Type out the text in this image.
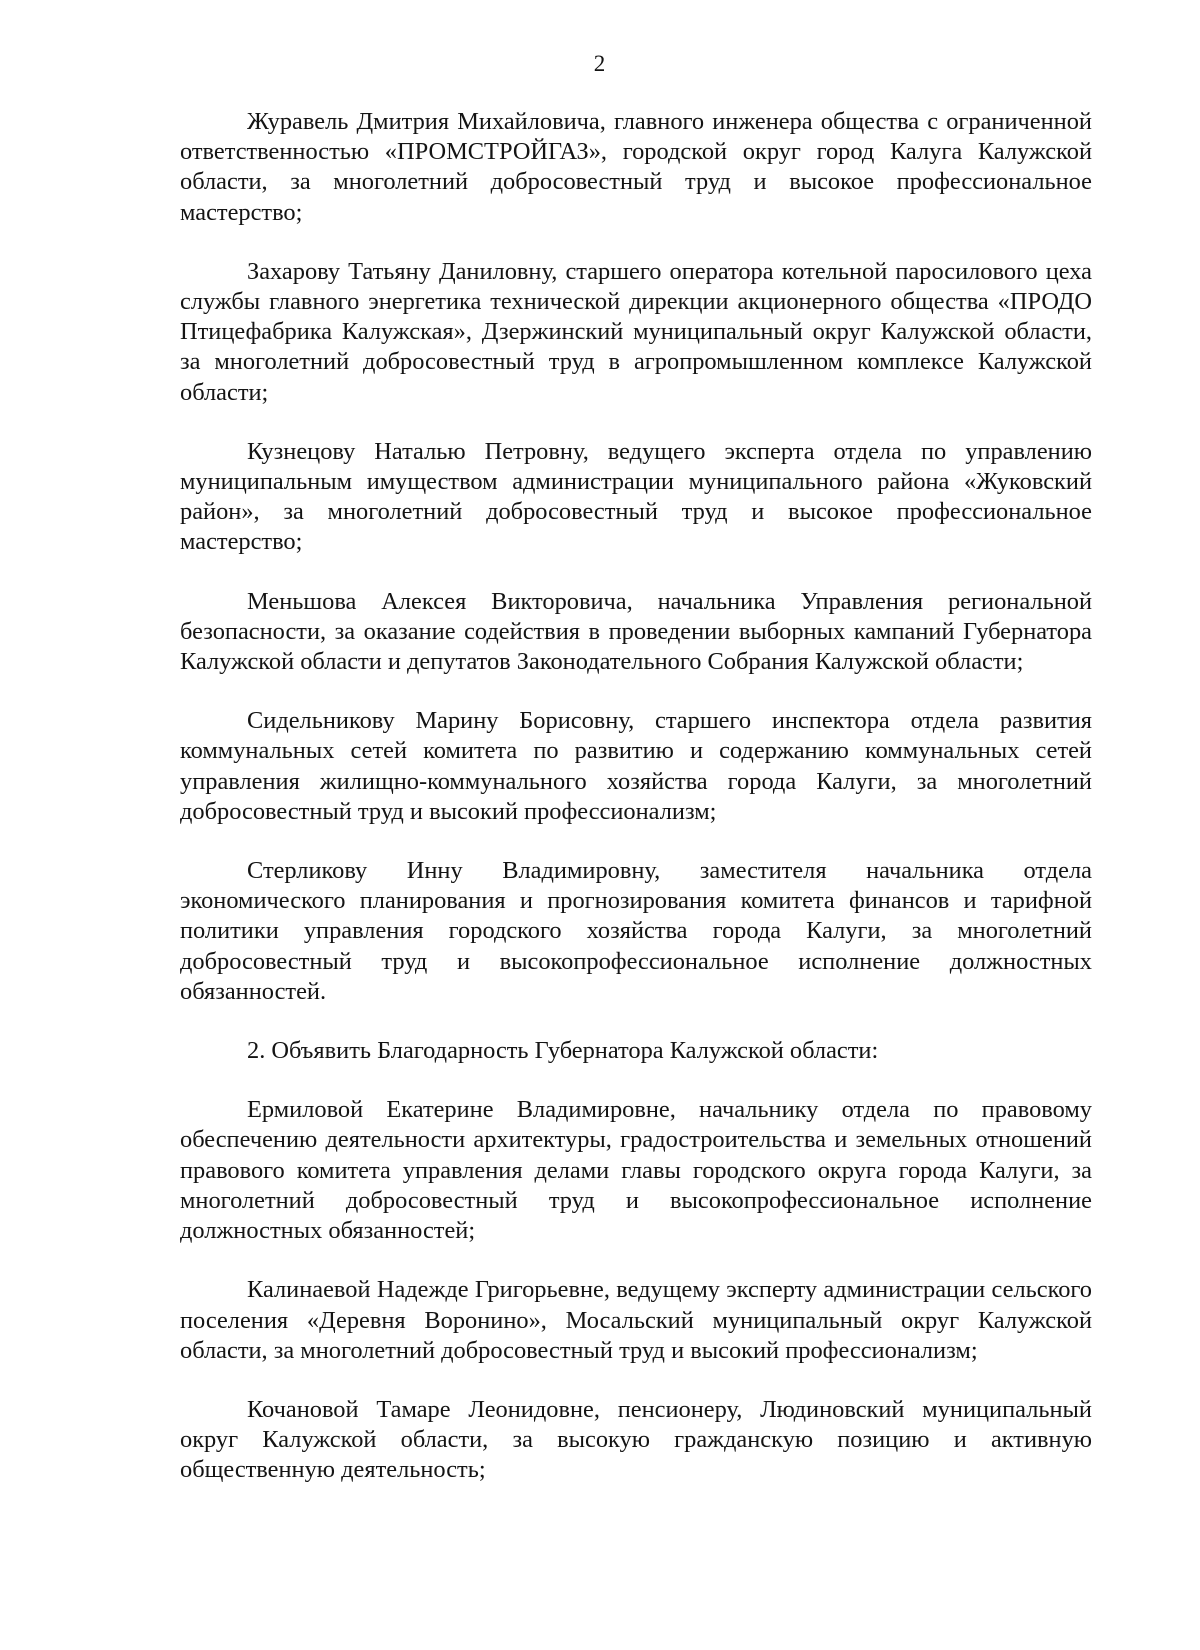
2

Журавель Дмитрия Михайловича, главного инженера общества с ограниченной ответственностью «ПРОМСТРОЙГАЗ», городской округ город Калуга Калужской области, за многолетний добросовестный труд и высокое профессиональное мастерство;

Захарову Татьяну Даниловну, старшего оператора котельной паросилового цеха службы главного энергетика технической дирекции акционерного общества «ПРОДО Птицефабрика Калужская», Дзержинский муниципальный округ Калужской области, за многолетний добросовестный труд в агропромышленном комплексе Калужской области;

Кузнецову Наталью Петровну, ведущего эксперта отдела по управлению муниципальным имуществом администрации муниципального района «Жуковский район», за многолетний добросовестный труд и высокое профессиональное мастерство;

Меньшова Алексея Викторовича, начальника Управления региональной безопасности, за оказание содействия в проведении выборных кампаний Губернатора Калужской области и депутатов Законодательного Собрания Калужской области;

Сидельникову Марину Борисовну, старшего инспектора отдела развития коммунальных сетей комитета по развитию и содержанию коммунальных сетей управления жилищно-коммунального хозяйства города Калуги, за многолетний добросовестный труд и высокий профессионализм;

Стерликову Инну Владимировну, заместителя начальника отдела экономического планирования и прогнозирования комитета финансов и тарифной политики управления городского хозяйства города Калуги, за многолетний добросовестный труд и высокопрофессиональное исполнение должностных обязанностей.

2. Объявить Благодарность Губернатора Калужской области:

Ермиловой Екатерине Владимировне, начальнику отдела по правовому обеспечению деятельности архитектуры, градостроительства и земельных отношений правового комитета управления делами главы городского округа города Калуги, за многолетний добросовестный труд и высокопрофессиональное исполнение должностных обязанностей;

Калинаевой Надежде Григорьевне, ведущему эксперту администрации сельского поселения «Деревня Воронино», Мосальский муниципальный округ Калужской области, за многолетний добросовестный труд и высокий профессионализм;

Кочановой Тамаре Леонидовне, пенсионеру, Людиновский муниципальный округ Калужской области, за высокую гражданскую позицию и активную общественную деятельность;
